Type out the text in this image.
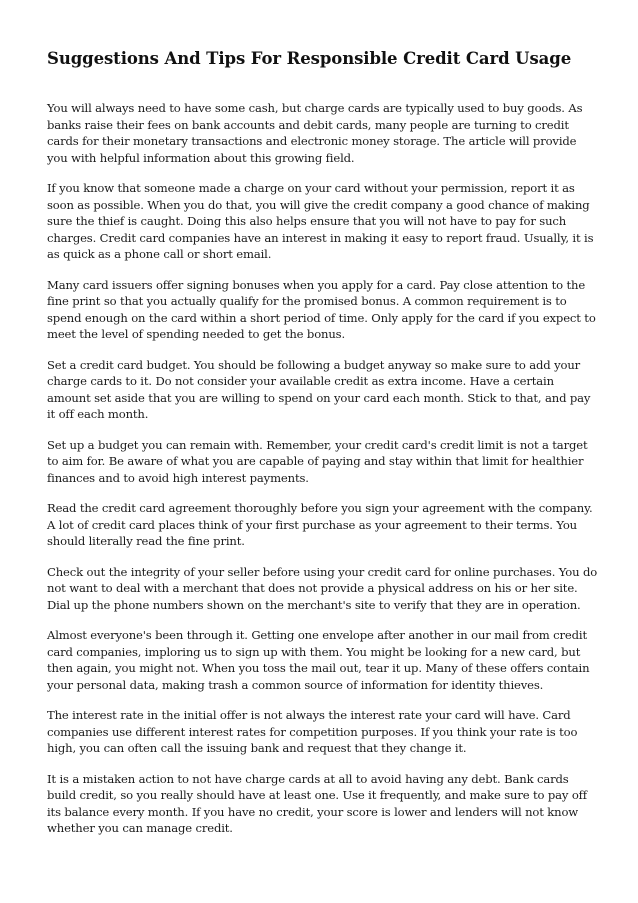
Suggestions And Tips For Responsible Credit Card Usage

You will always need to have some cash, but charge cards are typically used to buy goods. As banks raise their fees on bank accounts and debit cards, many people are turning to credit cards for their monetary transactions and electronic money storage. The article will provide you with helpful information about this growing field.

If you know that someone made a charge on your card without your permission, report it as soon as possible. When you do that, you will give the credit company a good chance of making sure the thief is caught. Doing this also helps ensure that you will not have to pay for such charges. Credit card companies have an interest in making it easy to report fraud. Usually, it is as quick as a phone call or short email.

Many card issuers offer signing bonuses when you apply for a card. Pay close attention to the fine print so that you actually qualify for the promised bonus. A common requirement is to spend enough on the card within a short period of time. Only apply for the card if you expect to meet the level of spending needed to get the bonus.

Set a credit card budget. You should be following a budget anyway so make sure to add your charge cards to it. Do not consider your available credit as extra income. Have a certain amount set aside that you are willing to spend on your card each month. Stick to that, and pay it off each month.

Set up a budget you can remain with. Remember, your credit card's credit limit is not a target to aim for. Be aware of what you are capable of paying and stay within that limit for healthier finances and to avoid high interest payments.

Read the credit card agreement thoroughly before you sign your agreement with the company. A lot of credit card places think of your first purchase as your agreement to their terms. You should literally read the fine print.

Check out the integrity of your seller before using your credit card for online purchases. You do not want to deal with a merchant that does not provide a physical address on his or her site. Dial up the phone numbers shown on the merchant's site to verify that they are in operation.

Almost everyone's been through it. Getting one envelope after another in our mail from credit card companies, imploring us to sign up with them. You might be looking for a new card, but then again, you might not. When you toss the mail out, tear it up. Many of these offers contain your personal data, making trash a common source of information for identity thieves.

The interest rate in the initial offer is not always the interest rate your card will have. Card companies use different interest rates for competition purposes. If you think your rate is too high, you can often call the issuing bank and request that they change it.

It is a mistaken action to not have charge cards at all to avoid having any debt. Bank cards build credit, so you really should have at least one. Use it frequently, and make sure to pay off its balance every month. If you have no credit, your score is lower and lenders will not know whether you can manage credit.
